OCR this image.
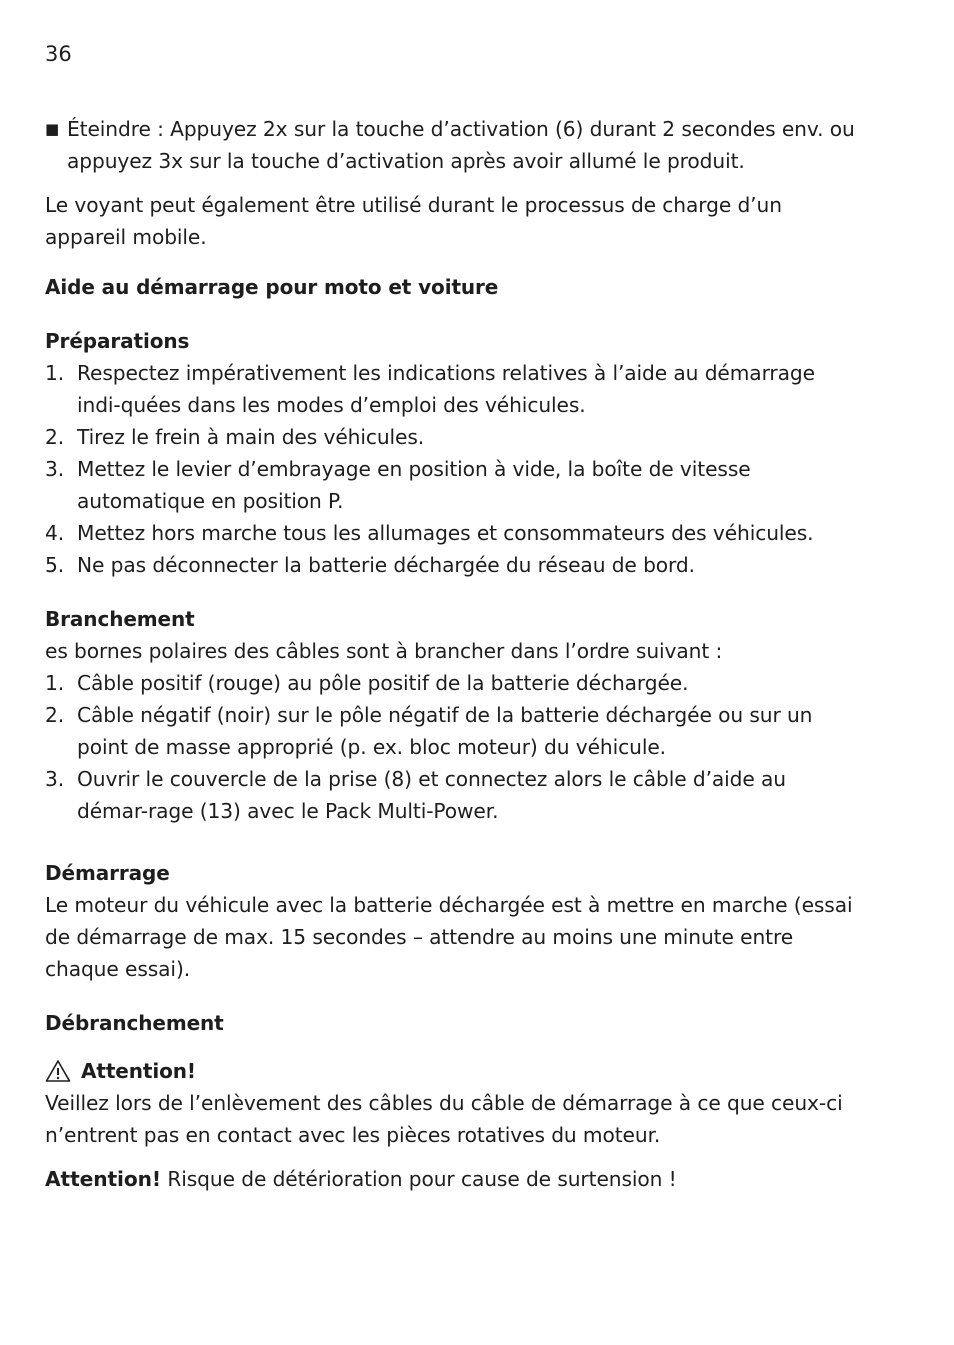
36
■ Éteindre : Appuyez 2x sur la touche d’activation (6) durant 2 secondes env. ou appuyez 3x sur la touche d’activation après avoir allumé le produit.

Le voyant peut également être utilisé durant le processus de charge d’un appareil mobile.

Aide au démarrage pour moto et voiture
Préparations
1. Respectez impérativement les indications relatives à l’aide au démarrage indi-quées dans les modes d’emploi des véhicules.
2. Tirez le frein à main des véhicules.
3. Mettez le levier d’embrayage en position à vide, la boîte de vitesse automatique en position P.
4. Mettez hors marche tous les allumages et consommateurs des véhicules.
5. Ne pas déconnecter la batterie déchargée du réseau de bord.
Branchement

es bornes polaires des câbles sont à brancher dans l’ordre suivant :

1. Câble positif (rouge) au pôle positif de la batterie déchargée.
2. Câble négatif (noir) sur le pôle négatif de la batterie déchargée ou sur un point de masse approprié (p. ex. bloc moteur) du véhicule.
3. Ouvrir le couvercle de la prise (8) et connectez alors le câble d’aide au démar-rage (13) avec le Pack Multi-Power.
Démarrage

Le moteur du véhicule avec la batterie déchargée est à mettre en marche (essai de démarrage de max. 15 secondes – attendre au moins une minute entre chaque essai).

Débranchement
Attention!

Veillez lors de l’enlèvement des câbles du câble de démarrage à ce que ceux-ci n’entrent pas en contact avec les pièces rotatives du moteur.

Attention! Risque de détérioration pour cause de surtension !
